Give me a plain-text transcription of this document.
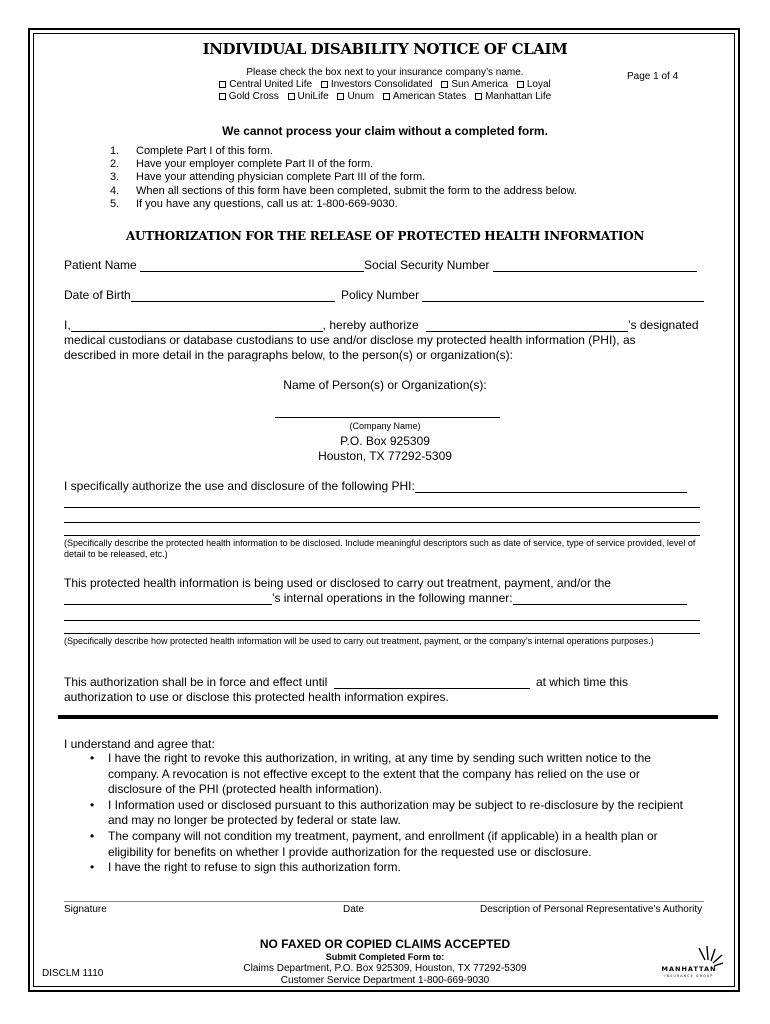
INDIVIDUAL DISABILITY NOTICE OF CLAIM
Please check the box next to your insurance company’s name.	Page 1 of 4
Central United Life Investors Consolidated Sun America Loyal
Gold Cross UniLife Unum American States Manhattan Life
We cannot process your claim without a completed form.
1. Complete Part I of this form.
2. Have your employer complete Part II of the form.
3. Have your attending physician complete Part III of the form.
4. When all sections of this form have been completed, submit the form to the address below.
5. If you have any questions, call us at: 1-800-669-9030.
AUTHORIZATION FOR THE RELEASE OF PROTECTED HEALTH INFORMATION
Patient Name	Social Security Number
Date of Birth	Policy Number
I,	, hereby authorize	’s designated
medical custodians or database custodians to use and/or disclose my protected health information (PHI), as
described in more detail in the paragraphs below, to the person(s) or organization(s):
Name of Person(s) or Organization(s):
(Company Name)
P.O. Box 925309
Houston, TX 77292-5309
I specifically authorize the use and disclosure of the following PHI:
(Specifically describe the protected health information to be disclosed. Include meaningful descriptors such as date of service, type of service provided, level of detail to be released, etc.)
This protected health information is being used or disclosed to carry out treatment, payment, and/or the
’s internal operations in the following manner:
(Specifically describe how protected health information will be used to carry out treatment, payment, or the company’s internal operations purposes.)
This authorization shall be in force and effect until	at which time this
authorization to use or disclose this protected health information expires.
I understand and agree that:
• I have the right to revoke this authorization, in writing, at any time by sending such written notice to the
company. A revocation is not effective except to the extent that the company has relied on the use or
disclosure of the PHI (protected health information).
• I Information used or disclosed pursuant to this authorization may be subject to re-disclosure by the recipient
and may no longer be protected by federal or state law.
• The company will not condition my treatment, payment, and enrollment (if applicable) in a health plan or
eligibility for benefits on whether I provide authorization for the requested use or disclosure.
• I have the right to refuse to sign this authorization form.
Signature	Date	Description of Personal Representative’s Authority
NO FAXED OR COPIED CLAIMS ACCEPTED
Submit Completed Form to:
Claims Department, P.O. Box 925309, Houston, TX 77292-5309
Customer Service Department 1-800-669-9030
DISCLM 1110	MANHATTAN
INSURANCE GROUP
